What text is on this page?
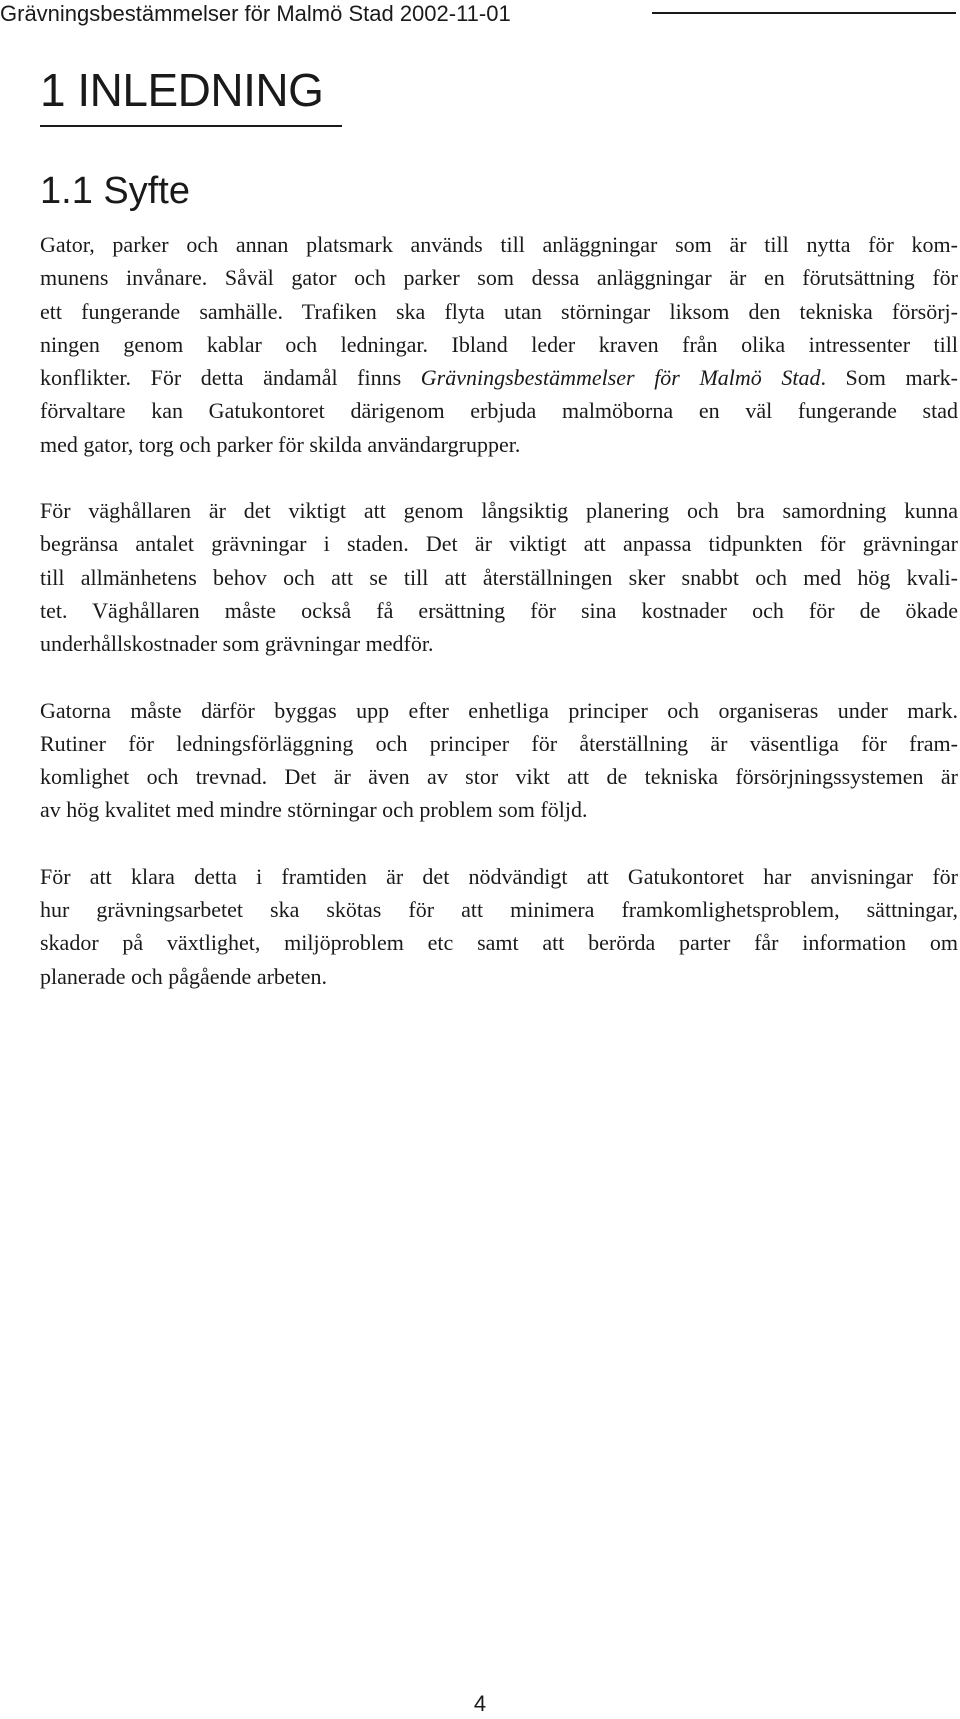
Grävningsbestämmelser för Malmö Stad 2002-11-01
1 INLEDNING
1.1 Syfte

Gator, parker och annan platsmark används till anläggningar som är till nytta för kom-
munens invånare. Såväl gator och parker som dessa anläggningar är en förutsättning för
ett fungerande samhälle. Trafiken ska flyta utan störningar liksom den tekniska försörj-
ningen genom kablar och ledningar. Ibland leder kraven från olika intressenter till
konflikter. För detta ändamål finns Grävningsbestämmelser för Malmö Stad. Som mark-
förvaltare kan Gatukontoret därigenom erbjuda malmöborna en väl fungerande stad
med gator, torg och parker för skilda användargrupper.

För väghållaren är det viktigt att genom långsiktig planering och bra samordning kunna
begränsa antalet grävningar i staden. Det är viktigt att anpassa tidpunkten för grävningar
till allmänhetens behov och att se till att återställningen sker snabbt och med hög kvali-
tet. Väghållaren måste också få ersättning för sina kostnader och för de ökade
underhållskostnader som grävningar medför.

Gatorna måste därför byggas upp efter enhetliga principer och organiseras under mark.
Rutiner för ledningsförläggning och principer för återställning är väsentliga för fram-
komlighet och trevnad. Det är även av stor vikt att de tekniska försörjningssystemen är
av hög kvalitet med mindre störningar och problem som följd.

För att klara detta i framtiden är det nödvändigt att Gatukontoret har anvisningar för
hur grävningsarbetet ska skötas för att minimera framkomlighetsproblem, sättningar,
skador på växtlighet, miljöproblem etc samt att berörda parter får information om
planerade och pågående arbeten.

4
